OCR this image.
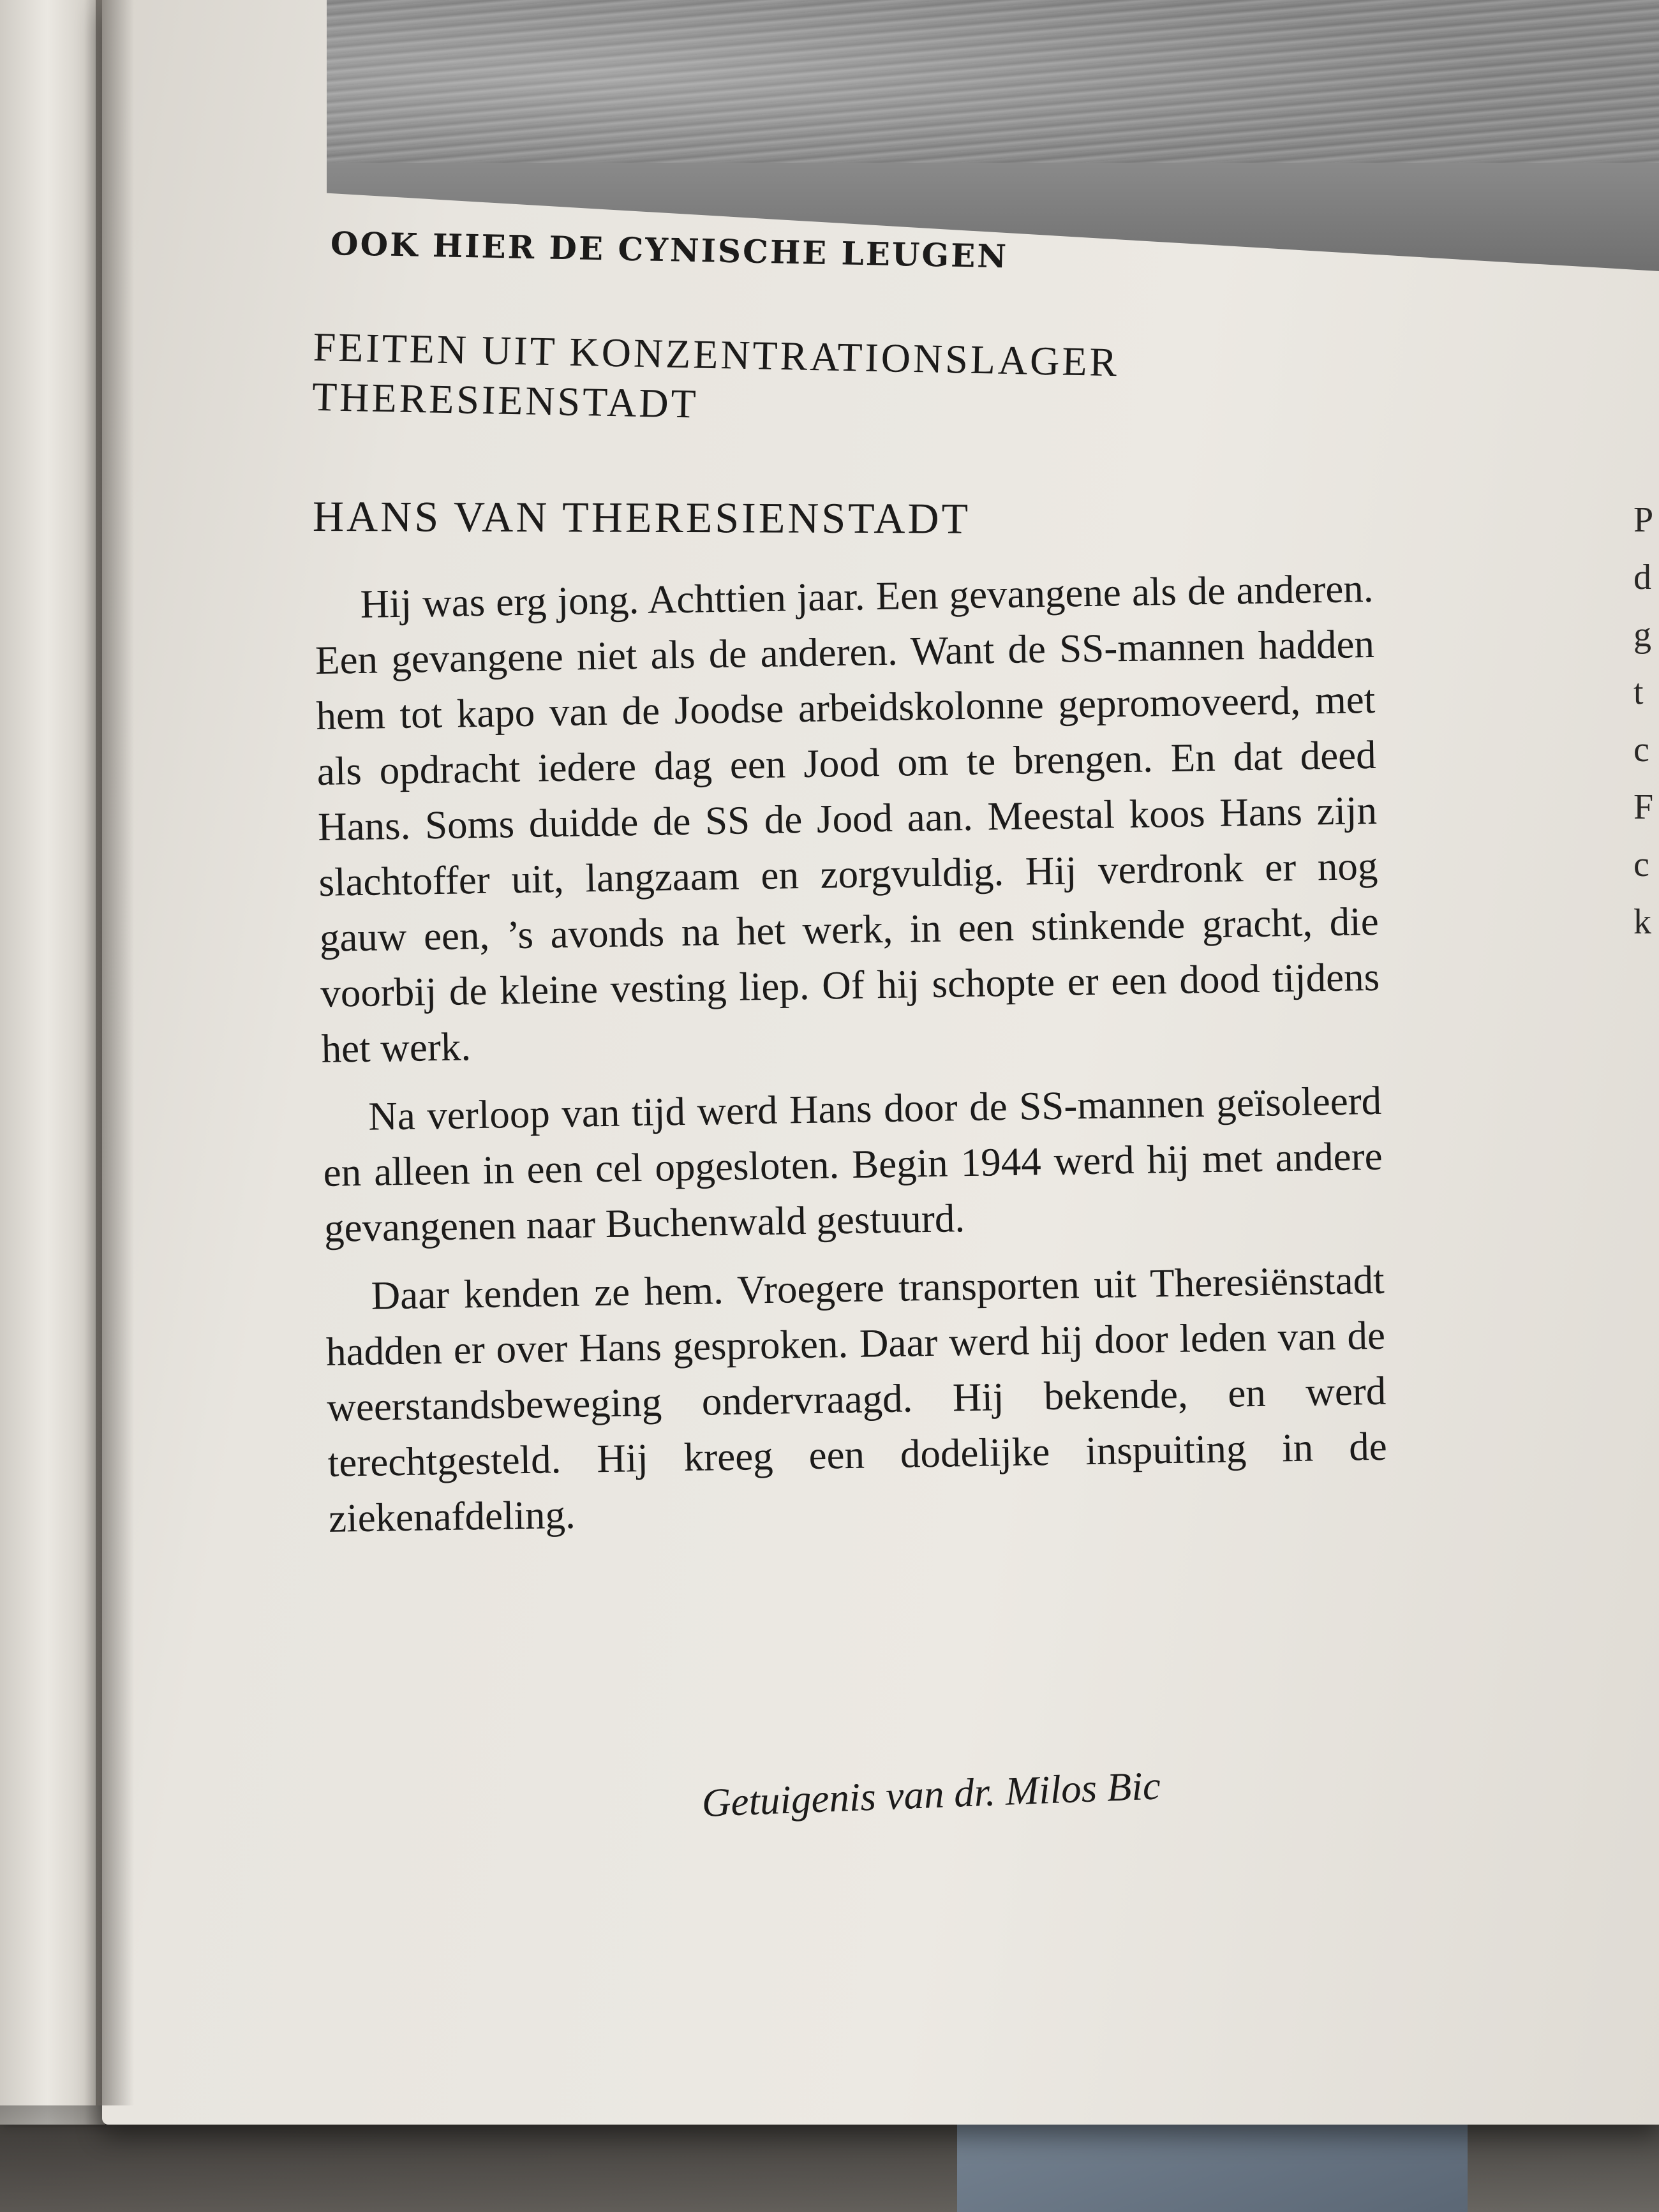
OOK HIER DE CYNISCHE LEUGEN
FEITEN UIT KONZENTRATIONSLAGER
THERESIENSTADT
HANS VAN THERESIENSTADT

Hij was erg jong. Achttien jaar. Een gevangene als de anderen. Een gevangene niet als de anderen. Want de SS-mannen hadden hem tot kapo van de Joodse arbeidskolonne gepromoveerd, met als opdracht iedere dag een Jood om te brengen. En dat deed Hans. Soms duidde de SS de Jood aan. Meestal koos Hans zijn slachtoffer uit, langzaam en zorgvuldig. Hij verdronk er nog gauw een, ’s avonds na het werk, in een stinkende gracht, die voorbij de kleine vesting liep. Of hij schopte er een dood tijdens het werk.

Na verloop van tijd werd Hans door de SS-mannen geïsoleerd en alleen in een cel opgesloten. Begin 1944 werd hij met andere gevangenen naar Buchenwald gestuurd.

Daar kenden ze hem. Vroegere transporten uit Theresiënstadt hadden er over Hans gesproken. Daar werd hij door leden van de weerstandsbeweging ondervraagd. Hij bekende, en werd terechtgesteld. Hij kreeg een dodelijke inspuiting in de ziekenafdeling.

Getuigenis van dr. Milos Bic
P
d
g
t
c
F
c
k
